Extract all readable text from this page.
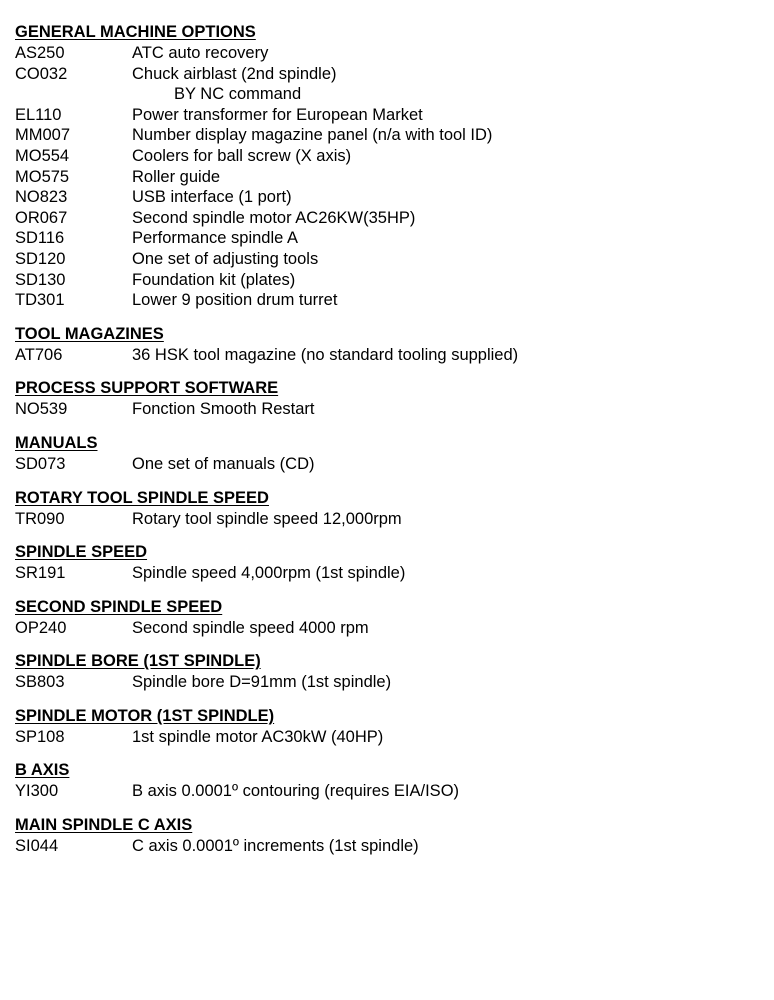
GENERAL MACHINE OPTIONS
AS250	ATC auto recovery
CO032	Chuck airblast (2nd spindle)
BY NC command
EL110	Power transformer for European Market
MM007	Number display magazine panel (n/a with tool ID)
MO554	Coolers for ball screw (X axis)
MO575	Roller guide
NO823	USB interface (1 port)
OR067	Second spindle motor AC26KW(35HP)
SD116	Performance spindle A
SD120	One set of adjusting tools
SD130	Foundation kit (plates)
TD301	Lower 9 position drum turret
TOOL MAGAZINES
AT706	36 HSK tool magazine (no standard tooling supplied)
PROCESS SUPPORT SOFTWARE
NO539	Fonction Smooth Restart
MANUALS
SD073	One set of manuals (CD)
ROTARY TOOL SPINDLE SPEED
TR090	Rotary tool spindle speed 12,000rpm
SPINDLE SPEED
SR191	Spindle speed 4,000rpm (1st spindle)
SECOND SPINDLE SPEED
OP240	Second spindle speed 4000 rpm
SPINDLE BORE (1ST SPINDLE)
SB803	Spindle bore D=91mm (1st spindle)
SPINDLE MOTOR (1ST SPINDLE)
SP108	1st spindle motor AC30kW (40HP)
B AXIS
YI300	B axis 0.0001º contouring (requires EIA/ISO)
MAIN SPINDLE C AXIS
SI044	C axis 0.0001º increments (1st spindle)
